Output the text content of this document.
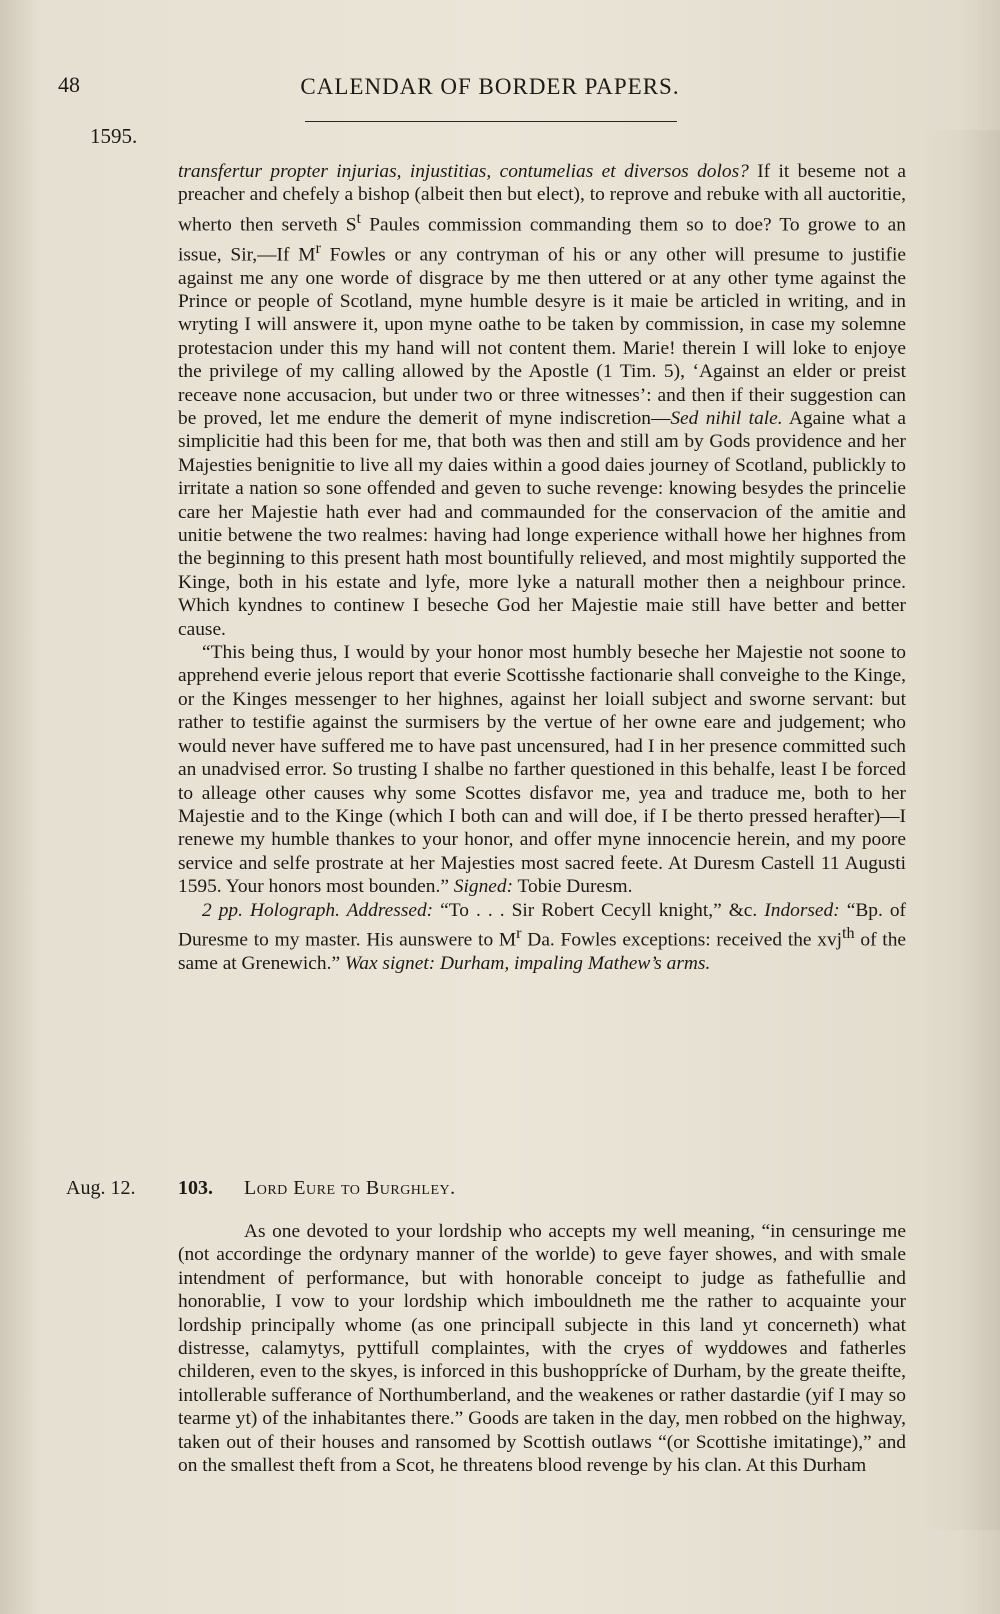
48	CALENDAR OF BORDER PAPERS.
1595.

transfertur propter injurias, injustitias, contumelias et diversos dolos? If it beseme not a preacher and chefely a bishop (albeit then but elect), to reprove and rebuke with all auctoritie, wherto then serveth $S^t$ Paules commission commanding them so to doe? To growe to an issue, Sir,—If $M^r$ Fowles or any contryman of his or any other will presume to justifie against me any one worde of disgrace by me then uttered or at any other tyme against the Prince or people of Scotland, myne humble desyre is it maie be articled in writing, and in wryting I will answere it, upon myne oathe to be taken by commission, in case my solemne protestacion under this my hand will not content them. Marie! therein I will loke to enjoye the privilege of my calling allowed by the Apostle (1 Tim. 5), ‘Against an elder or preist receave none accusacion, but under two or three witnesses’: and then if their suggestion can be proved, let me endure the demerit of myne indiscretion—Sed nihil tale. Againe what a simplicitie had this been for me, that both was then and still am by Gods providence and her Majesties benignitie to live all my daies within a good daies journey of Scotland, publickly to irritate a nation so sone offended and geven to suche revenge: knowing besydes the princelie care her Majestie hath ever had and commaunded for the conservacion of the amitie and unitie betwene the two realmes: having had longe experience withall howe her highnes from the beginning to this present hath most bountifully relieved, and most mightily supported the Kinge, both in his estate and lyfe, more lyke a naturall mother then a neighbour prince. Which kyndnes to continew I beseche God her Majestie maie still have better and better cause.

“This being thus, I would by your honor most humbly beseche her Majestie not soone to apprehend everie jelous report that everie Scottisshe factionarie shall conveighe to the Kinge, or the Kinges messenger to her highnes, against her loiall subject and sworne servant: but rather to testifie against the surmisers by the vertue of her owne eare and judgement; who would never have suffered me to have past uncensured, had I in her presence committed such an unadvised error. So trusting I shalbe no farther questioned in this behalfe, least I be forced to alleage other causes why some Scottes disfavor me, yea and traduce me, both to her Majestie and to the Kinge (which I both can and will doe, if I be therto pressed herafter)—I renewe my humble thankes to your honor, and offer myne innocencie herein, and my poore service and selfe prostrate at her Majesties most sacred feete. At Duresm Castell 11 Augusti 1595. Your honors most bounden.” Signed: Tobie Duresm.

2 pp. Holograph. Addressed: “To . . . Sir Robert Cecyll knight,” &c. Indorsed: “Bp. of Duresme to my master. His aunswere to $M^r$ Da. Fowles exceptions: received the xvj$^{th}$ of the same at Grenewich.” Wax signet: Durham, impaling Mathew’s arms.

Aug. 12. 103. Lord Eure to Burghley.

As one devoted to your lordship who accepts my well meaning, “in censuringe me (not accordinge the ordynary manner of the worlde) to geve fayer showes, and with smale intendment of performance, but with honorable conceipt to judge as fathefullie and honorablie, I vow to your lordship which imbouldneth me the rather to acquainte your lordship principally whome (as one principall subjecte in this land yt concerneth) what distresse, calamytys, pyttifull complaintes, with the cryes of wyddowes and fatherles childeren, even to the skyes, is inforced in this bushopprícke of Durham, by the greate theifte, intollerable sufferance of Northumberland, and the weakenes or rather dastardie (yif I may so tearme yt) of the inhabitantes there.” Goods are taken in the day, men robbed on the highway, taken out of their houses and ransomed by Scottish outlaws “(or Scottishe imitatinge),” and on the smallest theft from a Scot, he threatens blood revenge by his clan. At this Durham
